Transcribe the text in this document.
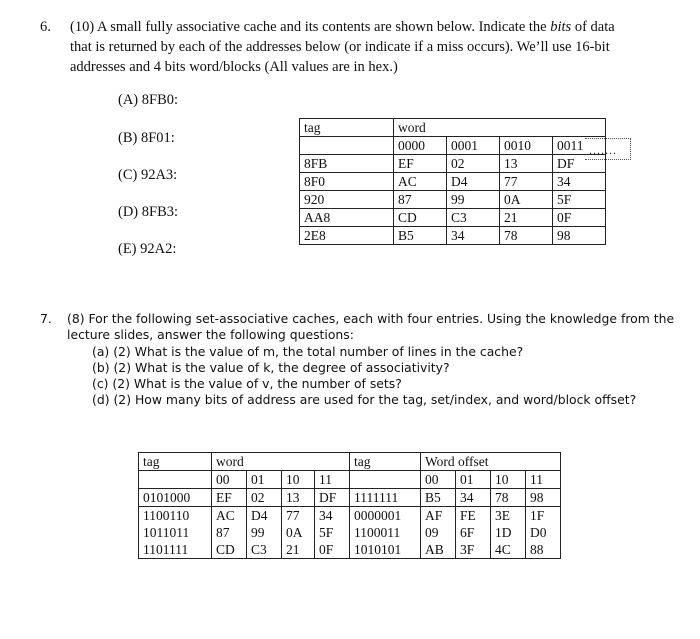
6. (10) A small fully associative cache and its contents are shown below. Indicate the bits of data
that is returned by each of the addresses below (or indicate if a miss occurs). We’ll use 16-bit
addresses and 4 bits word/blocks (All values are in hex.)
(A) 8FB0:
(B) 8F01:
(C) 92A3:
(D) 8FB3:
(E) 92A2:
tag	word			
	0000	0001	0010	0011
8FB	EF	02	13	DF
8F0	AC	D4	77	34
920	87	99	0A	5F
AA8	CD	C3	21	0F
2E8	B5	34	78	98
.......
7. (8) For the following set-associative caches, each with four entries. Using the knowledge from the
lecture slides, answer the following questions:
(a) (2) What is the value of m, the total number of lines in the cache?
(b) (2) What is the value of k, the degree of associativity?
(c) (2) What is the value of v, the number of sets?
(d) (2) How many bits of address are used for the tag, set/index, and word/block offset?
tag	word				tag	Word offset			
	00	01	10	11		00	01	10	11
0101000	EF	02	13	DF	1111111	B5	34	78	98
1100110	AC	D4	77	34	0000001	AF	FE	3E	1F
1011011	87	99	0A	5F	1100011	09	6F	1D	D0
1101111	CD	C3	21	0F	1010101	AB	3F	4C	88
